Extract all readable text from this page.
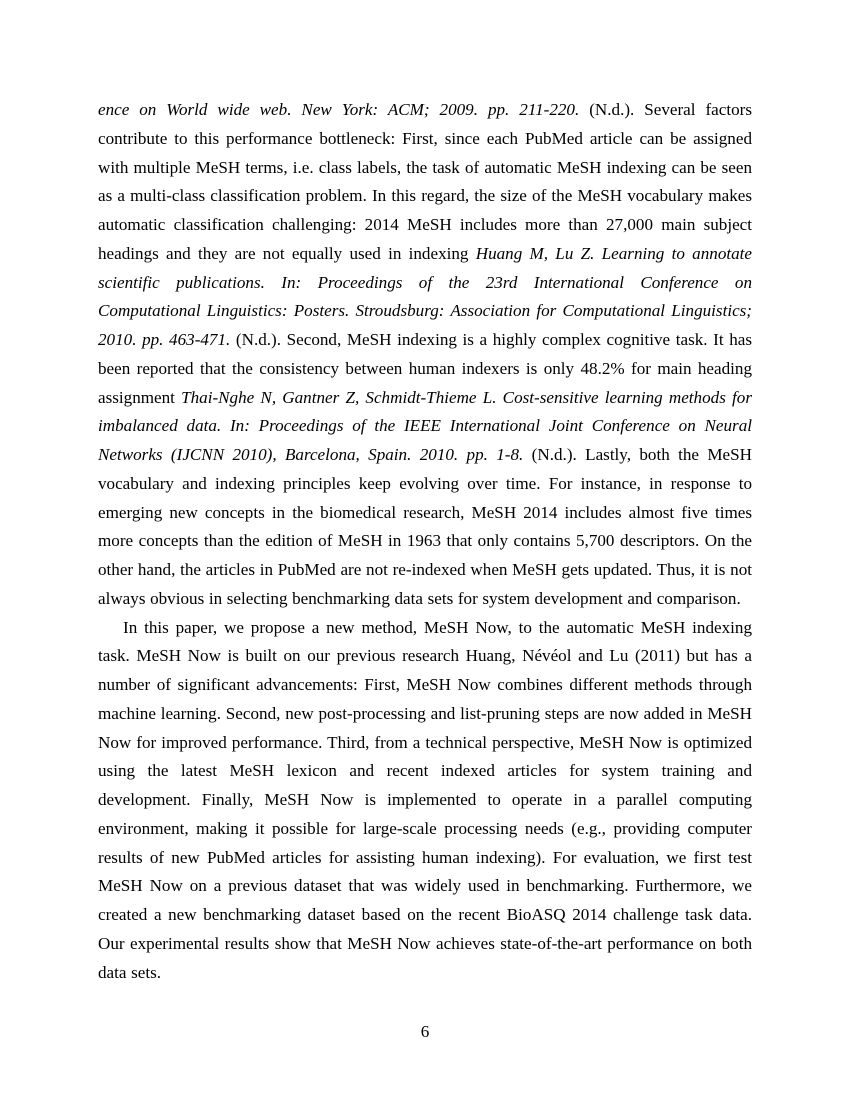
ence on World wide web. New York: ACM; 2009. pp. 211-220. (N.d.). Several factors contribute to this performance bottleneck: First, since each PubMed article can be assigned with multiple MeSH terms, i.e. class labels, the task of automatic MeSH indexing can be seen as a multi-class classification problem. In this regard, the size of the MeSH vocabulary makes automatic classification challenging: 2014 MeSH includes more than 27,000 main subject headings and they are not equally used in indexing Huang M, Lu Z. Learning to annotate scientific publications. In: Proceedings of the 23rd International Conference on Computational Linguistics: Posters. Stroudsburg: Association for Computational Linguistics; 2010. pp. 463-471. (N.d.). Second, MeSH indexing is a highly complex cognitive task. It has been reported that the consistency between human indexers is only 48.2% for main heading assignment Thai-Nghe N, Gantner Z, Schmidt-Thieme L. Cost-sensitive learning methods for imbalanced data. In: Proceedings of the IEEE International Joint Conference on Neural Networks (IJCNN 2010), Barcelona, Spain. 2010. pp. 1-8. (N.d.). Lastly, both the MeSH vocabulary and indexing principles keep evolving over time. For instance, in response to emerging new concepts in the biomedical research, MeSH 2014 includes almost five times more concepts than the edition of MeSH in 1963 that only contains 5,700 descriptors. On the other hand, the articles in PubMed are not re-indexed when MeSH gets updated. Thus, it is not always obvious in selecting benchmarking data sets for system development and comparison.

In this paper, we propose a new method, MeSH Now, to the automatic MeSH indexing task. MeSH Now is built on our previous research Huang, Névéol and Lu (2011) but has a number of significant advancements: First, MeSH Now combines different methods through machine learning. Second, new post-processing and list-pruning steps are now added in MeSH Now for improved performance. Third, from a technical perspective, MeSH Now is optimized using the latest MeSH lexicon and recent indexed articles for system training and development. Finally, MeSH Now is implemented to operate in a parallel computing environment, making it possible for large-scale processing needs (e.g., providing computer results of new PubMed articles for assisting human indexing). For evaluation, we first test MeSH Now on a previous dataset that was widely used in benchmarking. Furthermore, we created a new benchmarking dataset based on the recent BioASQ 2014 challenge task data. Our experimental results show that MeSH Now achieves state-of-the-art performance on both data sets.

6
